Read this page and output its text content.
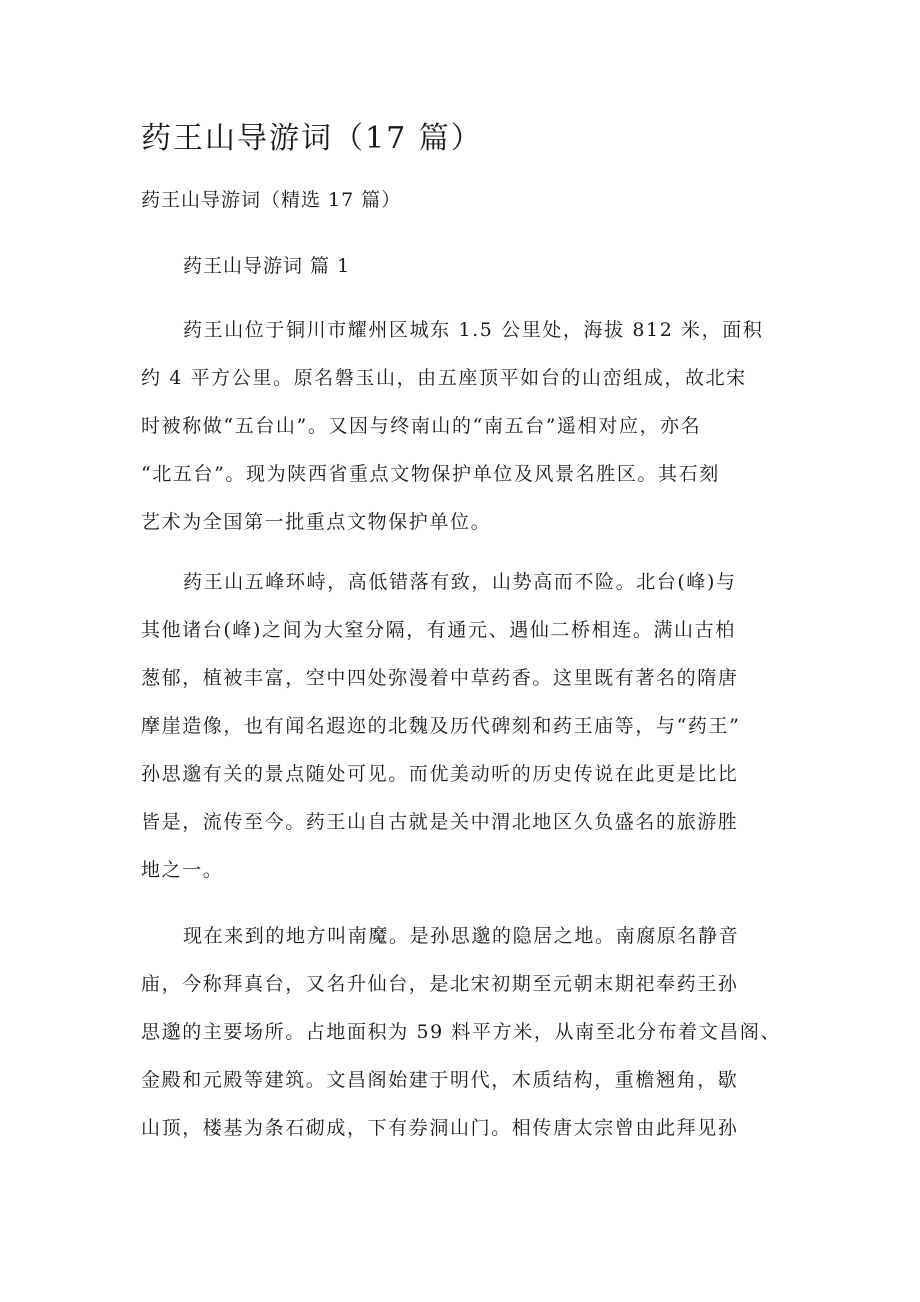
药王山导游词（17 篇）

药王山导游词（精选 17 篇）

药王山导游词 篇 1

药王山位于铜川市耀州区城东 1.5 公里处，海拔 812 米，面积
约 4 平方公里。原名磐玉山，由五座顶平如台的山峦组成，故北宋
时被称做“五台山”。又因与终南山的“南五台”遥相对应，亦名
“北五台”。现为陕西省重点文物保护单位及风景名胜区。其石刻
艺术为全国第一批重点文物保护单位。

药王山五峰环峙，高低错落有致，山势高而不险。北台(峰)与
其他诸台(峰)之间为大窒分隔，有通元、遇仙二桥相连。满山古柏
葱郁，植被丰富，空中四处弥漫着中草药香。这里既有著名的隋唐
摩崖造像，也有闻名遐迩的北魏及历代碑刻和药王庙等，与“药王”
孙思邈有关的景点随处可见。而优美动听的历史传说在此更是比比
皆是，流传至今。药王山自古就是关中渭北地区久负盛名的旅游胜
地之一。

现在来到的地方叫南魔。是孙思邈的隐居之地。南腐原名静音
庙，今称拜真台，又名升仙台，是北宋初期至元朝末期祀奉药王孙
思邈的主要场所。占地面积为 59 料平方米，从南至北分布着文昌阁、
金殿和元殿等建筑。文昌阁始建于明代，木质结构，重檐翘角，歇
山顶，楼基为条石砌成，下有券洞山门。相传唐太宗曾由此拜见孙
